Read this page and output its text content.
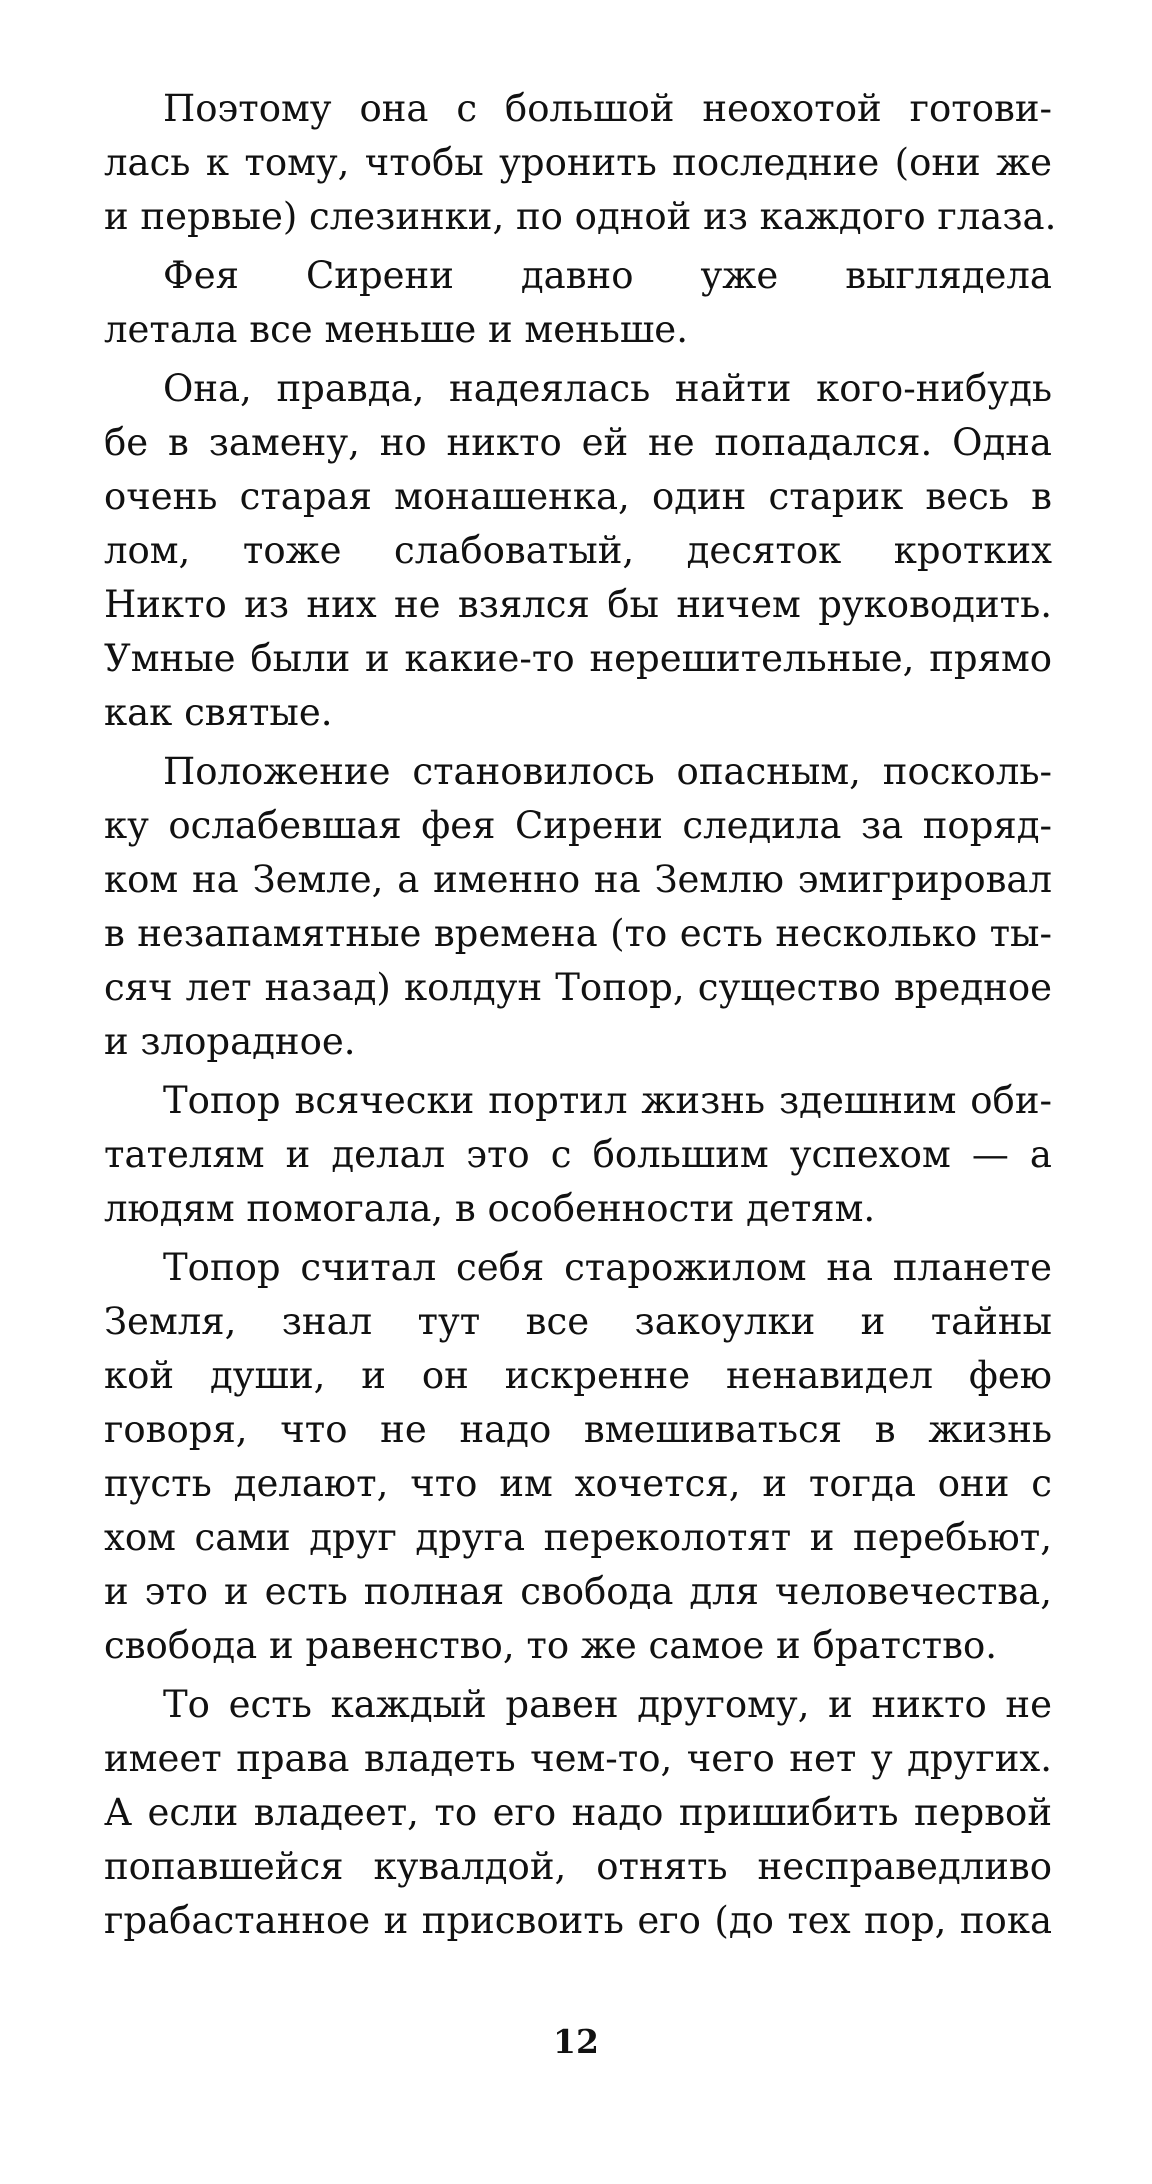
Поэтому она с большой неохотой готови-
лась к тому, чтобы уронить последние (они же
и первые) слезинки, по одной из каждого глаза.
Фея Сирени давно уже выглядела
летала все меньше и меньше.
Она, правда, надеялась найти кого-нибудь
бе в замену, но никто ей не попадался. Одна
очень старая монашенка, один старик весь в
лом, тоже слабоватый, десяток кротких
Никто из них не взялся бы ничем руководить.
Умные были и какие-то нерешительные, прямо
как святые.
Положение становилось опасным, посколь-
ку ослабевшая фея Сирени следила за поряд-
ком на Земле, а именно на Землю эмигрировал
в незапамятные времена (то есть несколько ты-
сяч лет назад) колдун Топор, существо вредное
и злорадное.
Топор всячески портил жизнь здешним оби-
тателям и делал это с большим успехом — а
людям помогала, в особенности детям.
Топор считал себя старожилом на планете
Земля, знал тут все закоулки и тайны
кой души, и он искренне ненавидел фею
говоря, что не надо вмешиваться в жизнь
пусть делают, что им хочется, и тогда они с
хом сами друг друга переколотят и перебьют,
и это и есть полная свобода для человечества,
свобода и равенство, то же самое и братство.
То есть каждый равен другому, и никто не
имеет права владеть чем-то, чего нет у других.
А если владеет, то его надо пришибить первой
попавшейся кувалдой, отнять несправедливо
грабастанное и присвоить его (до тех пор, пока
12
